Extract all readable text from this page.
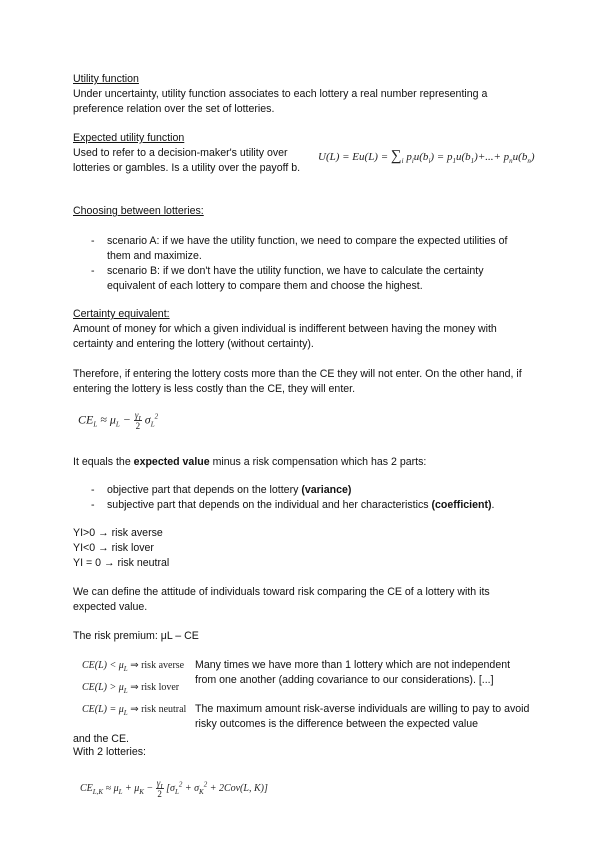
Utility function
Under uncertainty, utility function associates to each lottery a real number representing a preference relation over the set of lotteries.
Expected utility function
Used to refer to a decision-maker's utility over lotteries or gambles. Is a utility over the payoff b.
$U(L) = Eu(L) = \sum_i$ $p_iu(b_i) = p_1u(b_1)+...+ p_nu(b_n)$
Choosing between lotteries:
- scenario A: if we have the utility function, we need to compare the expected utilities of them and maximize.
- scenario B: if we don't have the utility function, we have to calculate the certainty equivalent of each lottery to compare them and choose the highest.
Certainty equivalent:
Amount of money for which a given individual is indifferent between having the money with certainty and entering the lottery (without certainty).
Therefore, if entering the lottery costs more than the CE they will not enter. On the other hand, if entering the lottery is less costly than the CE, they will enter.
$CE_L \approx \mu_L - \frac{\gamma_I}{2} \sigma_L^2$
It equals the expected value minus a risk compensation which has 2 parts:
- objective part that depends on the lottery (variance)
- subjective part that depends on the individual and her characteristics (coefficient).
YI>0 → risk averse
YI<0 → risk lover
YI = 0 → risk neutral
We can define the attitude of individuals toward risk comparing the CE of a lottery with its expected value.
The risk premium: μL – CE
$CE(L) < \mu_L$ ⇒ risk averse
$CE(L) > \mu_L$ ⇒ risk lover
$CE(L) = \mu_L$ ⇒ risk neutral
Many times we have more than 1 lottery which are not independent from one another (adding covariance to our considerations). [...]
The maximum amount risk-averse individuals are willing to pay to avoid risky outcomes is the difference between the expected value
and the CE.
With 2 lotteries:
$CE_{L,K} \approx \mu_L + \mu_K - \frac{\gamma_I}{2} [\sigma_L^2 + \sigma_K^2 + 2Cov(L$, K)]
